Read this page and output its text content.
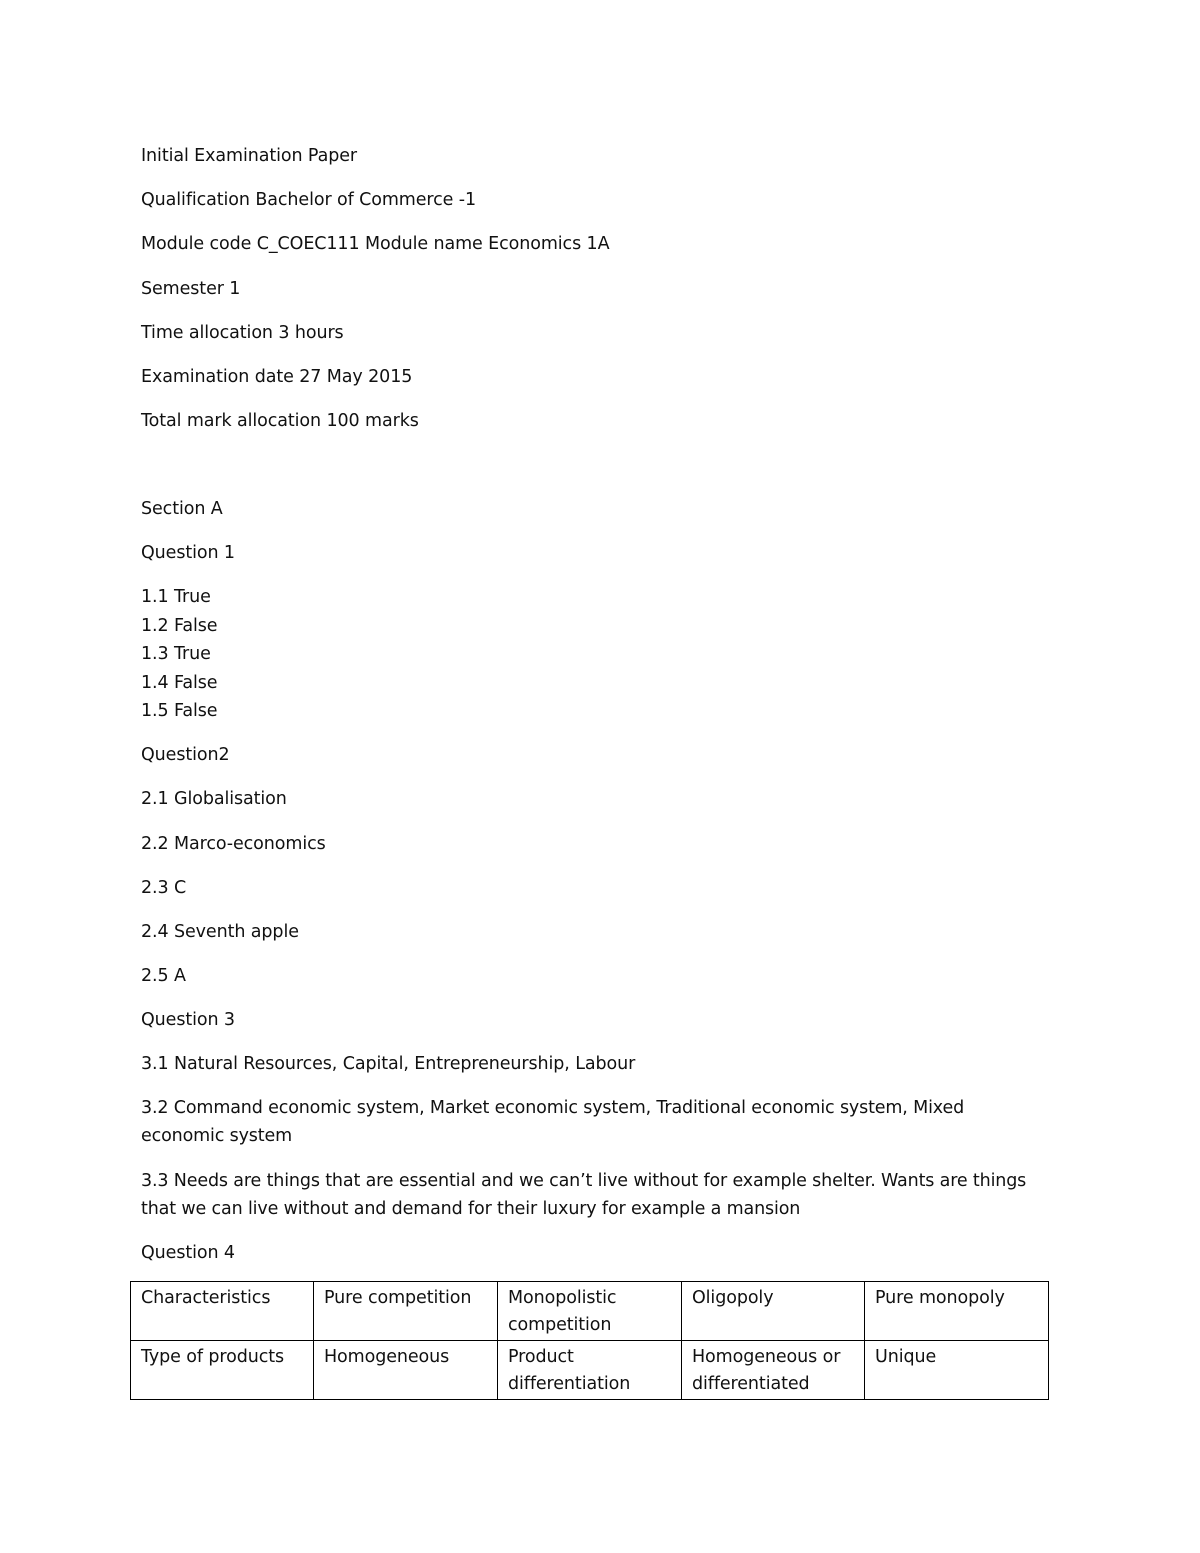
Initial Examination Paper
Qualification Bachelor of Commerce -1
Module code C_COEC111 Module name Economics 1A
Semester 1
Time allocation 3 hours
Examination date 27 May 2015
Total mark allocation 100 marks
Section A
Question 1
1.1 True
1.2 False
1.3 True
1.4 False
1.5 False
Question2
2.1 Globalisation
2.2 Marco-economics
2.3 C
2.4 Seventh apple
2.5 A
Question 3
3.1 Natural Resources, Capital, Entrepreneurship, Labour
3.2 Command economic system, Market economic system, Traditional economic system, Mixed economic system
3.3 Needs are things that are essential and we can’t live without for example shelter. Wants are things that we can live without and demand for their luxury for example a mansion
Question 4
Characteristics	Pure competition	Monopolistic competition	Oligopoly	Pure monopoly
Type of products	Homogeneous	Product differentiation	Homogeneous or differentiated	Unique
